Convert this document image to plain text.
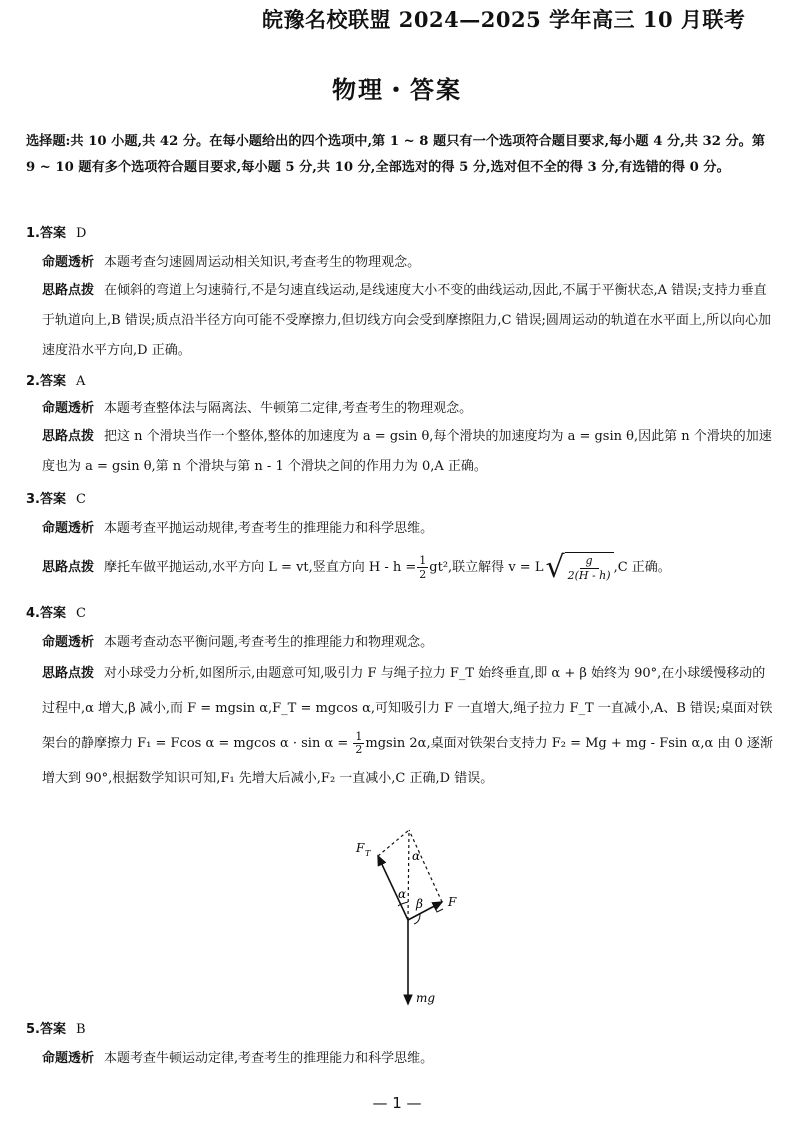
皖豫名校联盟 2024—2025 学年高三 10 月联考
物理・答案
选择题:共 10 小题,共 42 分。在每小题给出的四个选项中,第 1 ~ 8 题只有一个选项符合题目要求,每小题 4 分,共 32 分。第 9 ~ 10 题有多个选项符合题目要求,每小题 5 分,共 10 分,全部选对的得 5 分,选对但不全的得 3 分,有选错的得 0 分。
1.答案 D
命题透析 本题考查匀速圆周运动相关知识,考查考生的物理观念。
思路点拨 在倾斜的弯道上匀速骑行,不是匀速直线运动,是线速度大小不变的曲线运动,因此,不属于平衡状态,A 错误;支持力垂直于轨道向上,B 错误;质点沿半径方向可能不受摩擦力,但切线方向会受到摩擦阻力,C 错误;圆周运动的轨道在水平面上,所以向心加速度沿水平方向,D 正确。
2.答案 A
命题透析 本题考查整体法与隔离法、牛顿第二定律,考查考生的物理观念。
思路点拨 把这 n 个滑块当作一个整体,整体的加速度为 a = gsin θ,每个滑块的加速度均为 a = gsin θ,因此第 n 个滑块的加速度也为 a = gsin θ,第 n 个滑块与第 n - 1 个滑块之间的作用力为 0,A 正确。
3.答案 C
命题透析 本题考查平抛运动规律,考查考生的推理能力和科学思维。
思路点拨 摩托车做平抛运动,水平方向 L = vt,竖直方向 $H - h = \frac{1}{2} gt^2$,联立解得 v = L √ $\frac{g}{2(H - h)} ,C$ 正确。
4.答案 C
命题透析 本题考查动态平衡问题,考查考生的推理能力和物理观念。
思路点拨 对小球受力分析,如图所示,由题意可知,吸引力 F 与绳子拉力 F_T 始终垂直,即 α + β 始终为 90°,在小球缓慢移动的过程中,α 增大,β 减小,而 F = mgsin α,F_T = mgcos α,可知吸引力 F 一直增大,绳子拉力 F_T 一直减小,A、B 错误;桌面对铁架台的静摩擦力 F₁ = Fcos α = mgcos $\alpha \cdot \sin \alpha = \frac{1}{2}$ mgsin 2α,桌面对铁架台支持力 F₂ = Mg + mg - Fsin α,α 由 0 逐渐增大到 90°,根据数学知识可知,F₁ 先增大后减小,F₂ 一直减小,C 正确,D 错误。
F T
F
mg
α
α
β
5.答案 B
命题透析 本题考查牛顿运动定律,考查考生的推理能力和科学思维。
— 1 —
